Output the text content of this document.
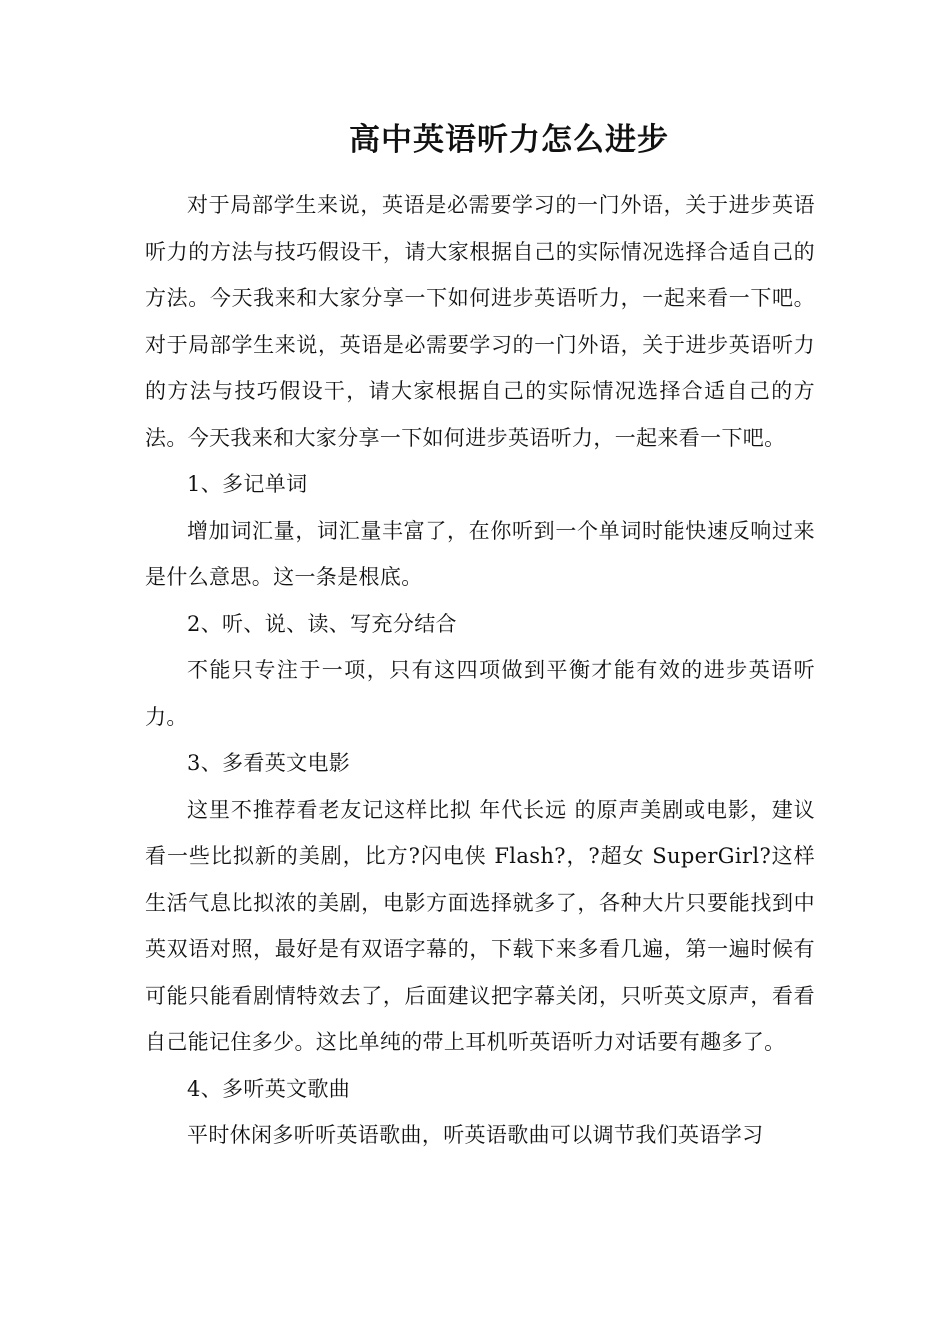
高中英语听力怎么进步

对于局部学生来说，英语是必需要学习的一门外语，关于进步英语听力的方法与技巧假设干，请大家根据自己的实际情况选择合适自己的方法。今天我来和大家分享一下如何进步英语听力，一起来看一下吧。对于局部学生来说，英语是必需要学习的一门外语，关于进步英语听力的方法与技巧假设干，请大家根据自己的实际情况选择合适自己的方法。今天我来和大家分享一下如何进步英语听力，一起来看一下吧。

1、多记单词

增加词汇量，词汇量丰富了，在你听到一个单词时能快速反响过来是什么意思。这一条是根底。

2、听、说、读、写充分结合

不能只专注于一项，只有这四项做到平衡才能有效的进步英语听力。

3、多看英文电影

这里不推荐看老友记这样比拟 年代长远 的原声美剧或电影，建议看一些比拟新的美剧，比方?闪电侠 Flash?，?超女 SuperGirl?这样生活气息比拟浓的美剧，电影方面选择就多了，各种大片只要能找到中英双语对照，最好是有双语字幕的，下载下来多看几遍，第一遍时候有可能只能看剧情特效去了，后面建议把字幕关闭，只听英文原声，看看自己能记住多少。这比单纯的带上耳机听英语听力对话要有趣多了。

4、多听英文歌曲

平时休闲多听听英语歌曲，听英语歌曲可以调节我们英语学习
